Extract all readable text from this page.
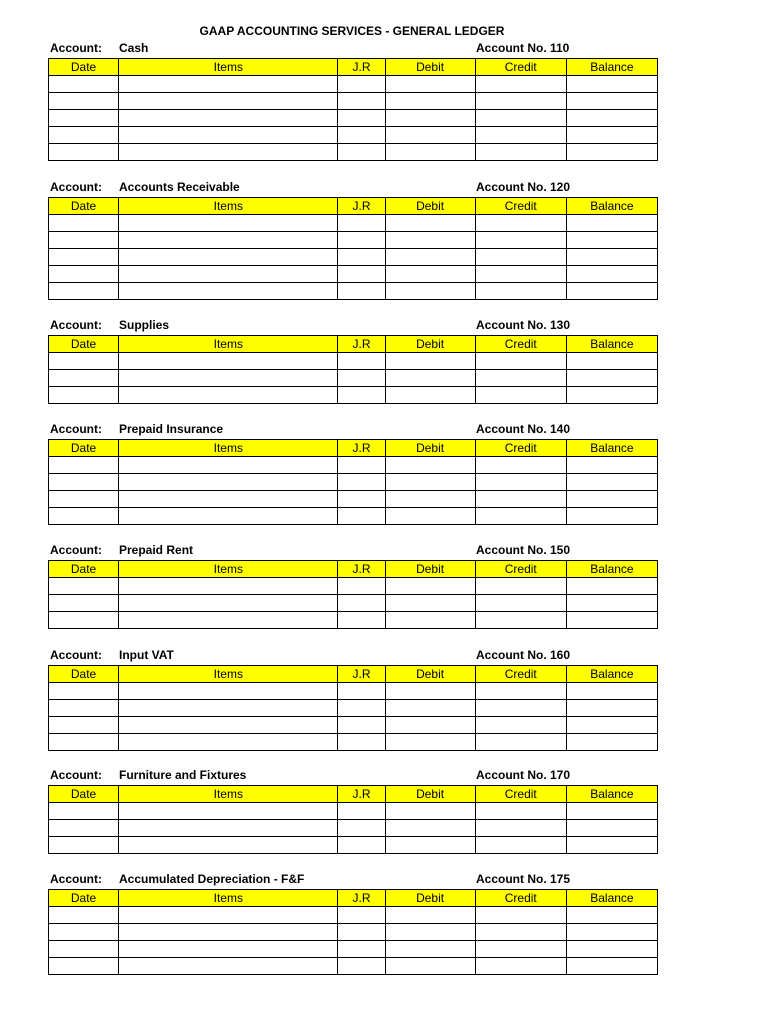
GAAP ACCOUNTING SERVICES - GENERAL LEDGER
Account: Cash	Account No. 110
Date	Items	J.R	Debit	Credit	Balance

Account: Accounts Receivable	Account No. 120
Date	Items	J.R	Debit	Credit	Balance

Account: Supplies	Account No. 130
Date	Items	J.R	Debit	Credit	Balance

Account: Prepaid Insurance	Account No. 140
Date	Items	J.R	Debit	Credit	Balance

Account: Prepaid Rent	Account No. 150
Date	Items	J.R	Debit	Credit	Balance

Account: Input VAT	Account No. 160
Date	Items	J.R	Debit	Credit	Balance

Account: Furniture and Fixtures	Account No. 170
Date	Items	J.R	Debit	Credit	Balance

Account: Accumulated Depreciation - F&F	Account No. 175
Date	Items	J.R	Debit	Credit	Balance
